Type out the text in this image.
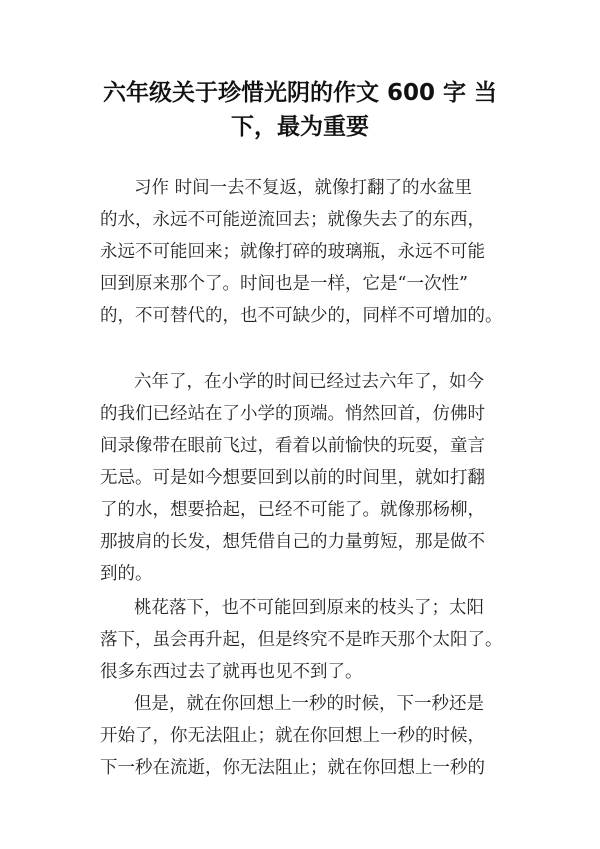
六年级关于珍惜光阴的作文 600 字 当
下，最为重要
习作 时间一去不复返，就像打翻了的水盆里
的水，永远不可能逆流回去；就像失去了的东西，
永远不可能回来；就像打碎的玻璃瓶，永远不可能
回到原来那个了。时间也是一样，它是“一次性”
的，不可替代的，也不可缺少的，同样不可增加的。
六年了，在小学的时间已经过去六年了，如今
的我们已经站在了小学的顶端。悄然回首，仿佛时
间录像带在眼前飞过，看着以前愉快的玩耍，童言
无忌。可是如今想要回到以前的时间里，就如打翻
了的水，想要拾起，已经不可能了。就像那杨柳，
那披肩的长发，想凭借自己的力量剪短，那是做不
到的。
桃花落下，也不可能回到原来的枝头了；太阳
落下，虽会再升起，但是终究不是昨天那个太阳了。
很多东西过去了就再也见不到了。
但是，就在你回想上一秒的时候，下一秒还是
开始了，你无法阻止；就在你回想上一秒的时候，
下一秒在流逝，你无法阻止；就在你回想上一秒的
